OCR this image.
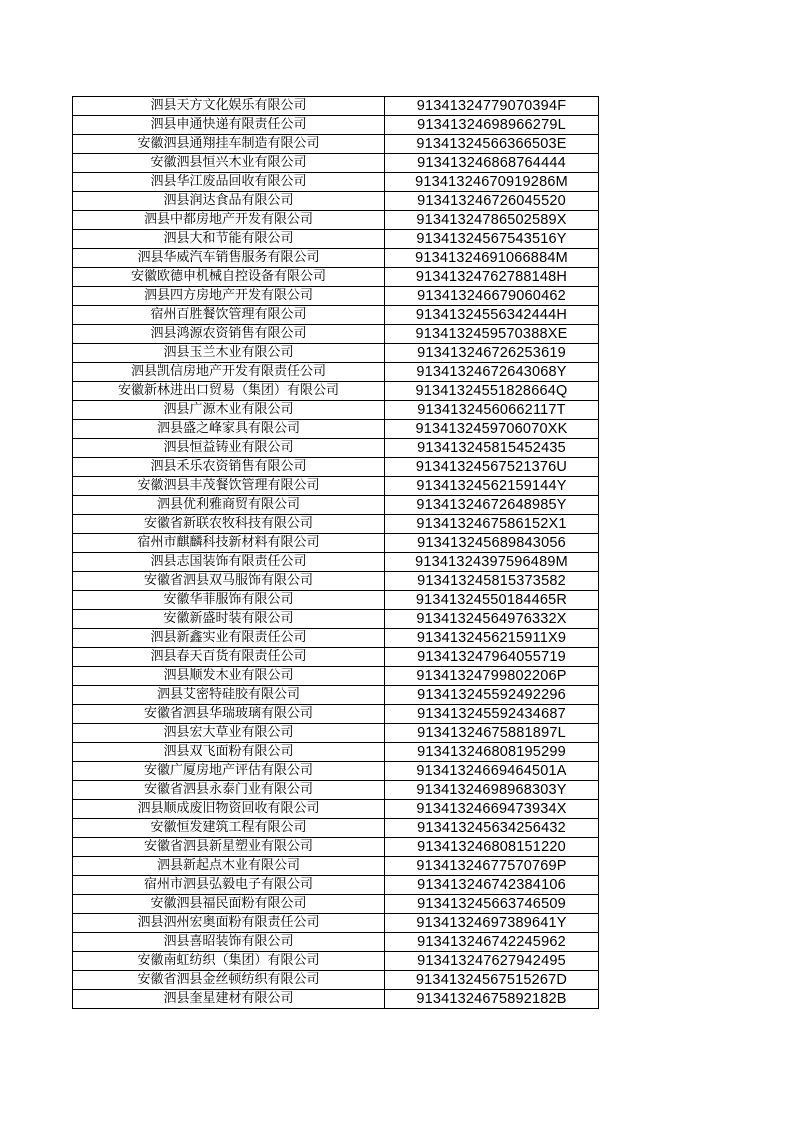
泗县天方文化娱乐有限公司	91341324779070394F
泗县申通快递有限责任公司	91341324698966279L
安徽泗县通翔挂车制造有限公司	91341324566366503E
安徽泗县恒兴木业有限公司	913413246868764444
泗县华江废品回收有限公司	91341324670919286M
泗县润达食品有限公司	913413246726045520
泗县中都房地产开发有限公司	91341324786502589X
泗县大和节能有限公司	91341324567543516Y
泗县华威汽车销售服务有限公司	91341324691066884M
安徽欧德申机械自控设备有限公司	91341324762788148H
泗县四方房地产开发有限公司	913413246679060462
宿州百胜餐饮管理有限公司	91341324556342444H
泗县鸿源农资销售有限公司	9134132459570388XE
泗县玉兰木业有限公司	913413246726253619
泗县凯信房地产开发有限责任公司	91341324672643068Y
安徽新林进出口贸易（集团）有限公司	91341324551828664Q
泗县广源木业有限公司	91341324560662117T
泗县盛之峰家具有限公司	9134132459706070XK
泗县恒益铸业有限公司	913413245815452435
泗县禾乐农资销售有限公司	91341324567521376U
安徽泗县丰茂餐饮管理有限公司	91341324562159144Y
泗县优利雅商贸有限公司	91341324672648985Y
安徽省新联农牧科技有限公司	9134132467586152X1
宿州市麒麟科技新材料有限公司	913413245689843056
泗县志国装饰有限责任公司	91341324397596489M
安徽省泗县双马服饰有限公司	913413245815373582
安徽华菲服饰有限公司	91341324550184465R
安徽新盛时装有限公司	91341324564976332X
泗县新鑫实业有限责任公司	9134132456215911X9
泗县春天百货有限责任公司	913413247964055719
泗县顺发木业有限公司	91341324799802206P
泗县艾密特硅胶有限公司	913413245592492296
安徽省泗县华瑞玻璃有限公司	913413245592434687
泗县宏大草业有限公司	91341324675881897L
泗县双飞面粉有限公司	913413246808195299
安徽广厦房地产评估有限公司	91341324669464501A
安徽省泗县永泰门业有限公司	91341324698968303Y
泗县顺成废旧物资回收有限公司	91341324669473934X
安徽恒发建筑工程有限公司	913413245634256432
安徽省泗县新星塑业有限公司	913413246808151220
泗县新起点木业有限公司	91341324677570769P
宿州市泗县弘毅电子有限公司	913413246742384106
安徽泗县福民面粉有限公司	913413245663746509
泗县泗州宏奥面粉有限责任公司	91341324697389641Y
泗县喜昭装饰有限公司	913413246742245962
安徽南虹纺织（集团）有限公司	913413247627942495
安徽省泗县金丝顿纺织有限公司	91341324567515267D
泗县奎星建材有限公司	91341324675892182B
